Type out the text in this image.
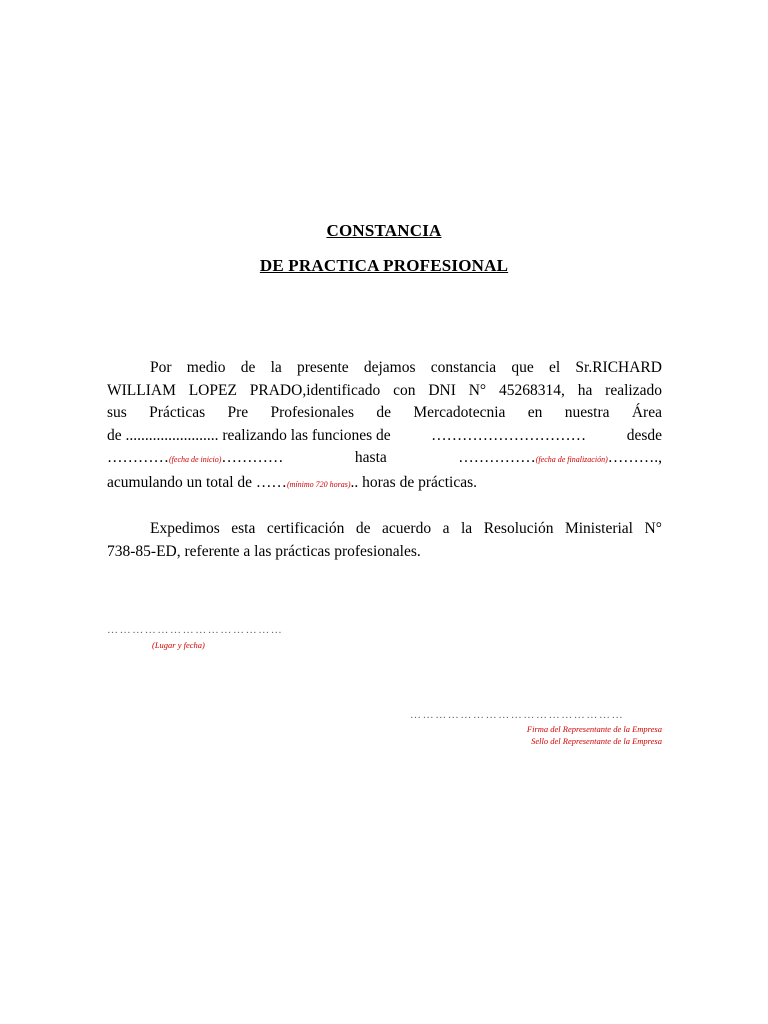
CONSTANCIA
DE PRACTICA PROFESIONAL
Por medio de la presente dejamos constancia que el Sr.RICHARD
WILLIAM LOPEZ PRADO,identificado con DNI N° 45268314, ha realizado
sus Prácticas Pre Profesionales de Mercadotecnia en nuestra Área
de ........................ realizando las funciones de	…………………………	desde
…………(fecha de inicio)…………	hasta	……………(fecha de finalización)……….,
acumulando un total de ……(mínimo 720 horas).. horas de prácticas.
Expedimos esta certificación de acuerdo a la Resolución Ministerial N°
738-85-ED, referente a las prácticas profesionales.
……………………………………
(Lugar y fecha)
……………………………………………
Firma del Representante de la Empresa
Sello del Representante de la Empresa
